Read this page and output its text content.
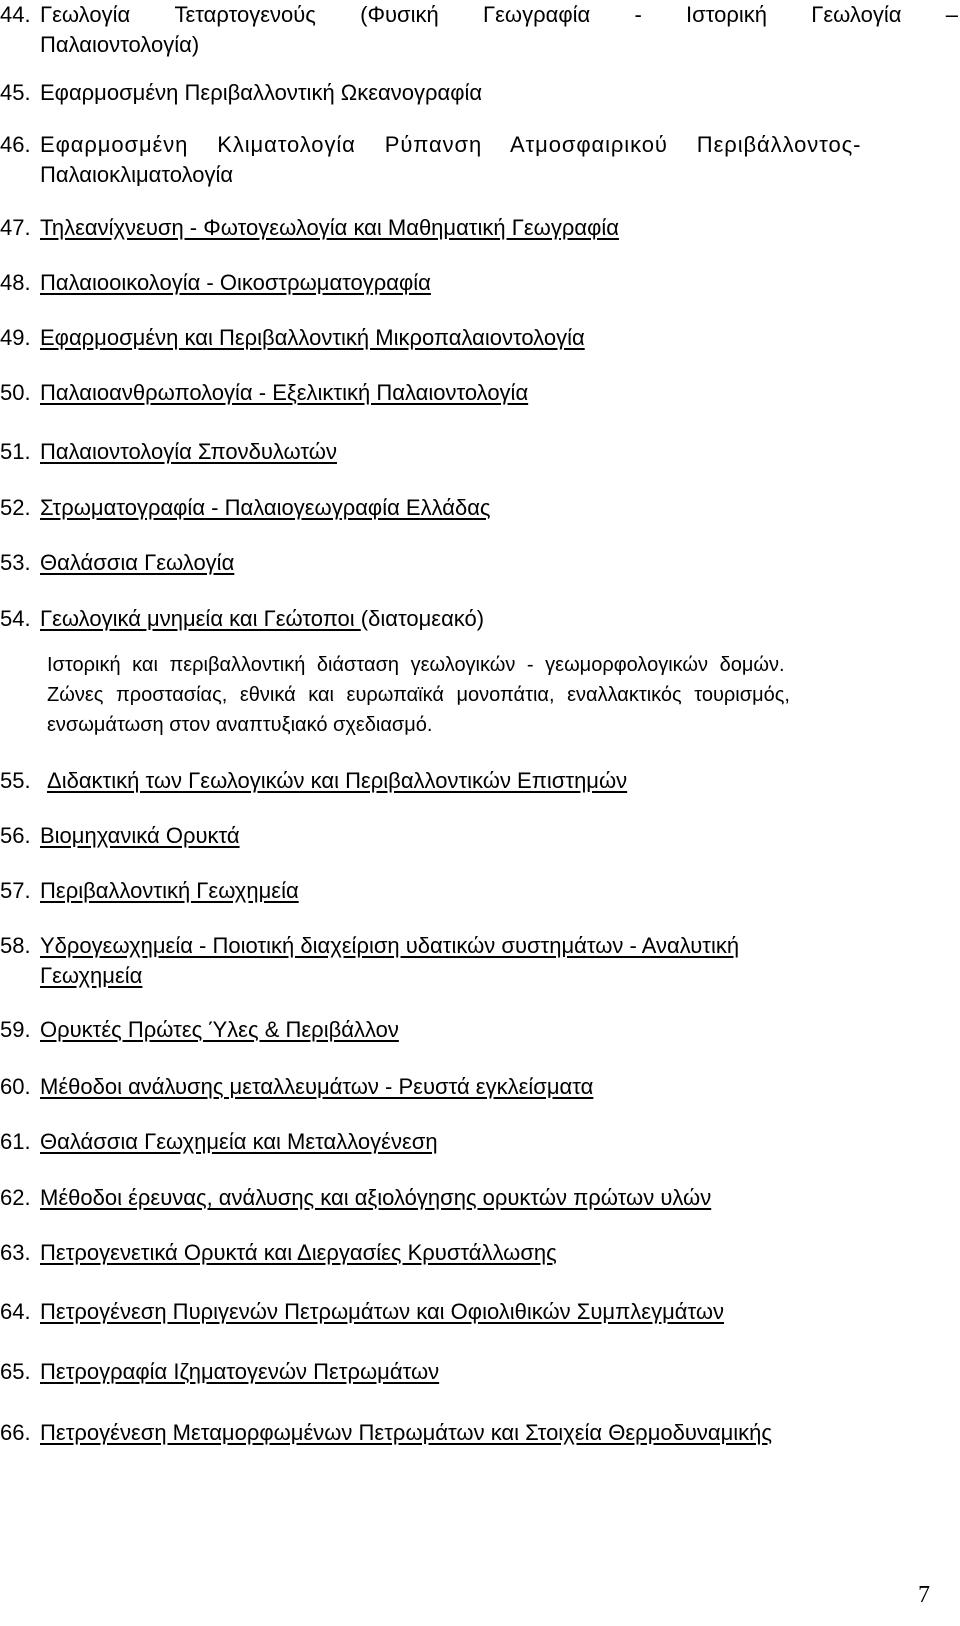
44. Γεωλογία Τεταρτογενούς (Φυσική Γεωγραφία - Ιστορική Γεωλογία –
Παλαιοντολογία)
45. Εφαρμοσμένη Περιβαλλοντική Ωκεανογραφία
46. Εφαρμοσμένη Κλιματολογία Ρύπανση Ατμοσφαιρικού Περιβάλλοντος-
Παλαιοκλιματολογία
47. Τηλεανίχνευση - Φωτογεωλογία και Μαθηματική Γεωγραφία
48. Παλαιοοικολογία - Οικοστρωματογραφία
49. Εφαρμοσμένη και Περιβαλλοντική Μικροπαλαιοντολογία
50. Παλαιοανθρωπολογία - Εξελικτική Παλαιοντολογία
51. Παλαιοντολογία Σπονδυλωτών
52. Στρωματογραφία - Παλαιογεωγραφία Ελλάδας
53. Θαλάσσια Γεωλογία
54. Γεωλογικά μνημεία και Γεώτοποι (διατομεακό)
Ιστορική και περιβαλλοντική διάσταση γεωλογικών - γεωμορφολογικών δομών.
Ζώνες προστασίας, εθνικά και ευρωπαϊκά μονοπάτια, εναλλακτικός τουρισμός,
ενσωμάτωση στον αναπτυξιακό σχεδιασμό.
55. Διδακτική των Γεωλογικών και Περιβαλλοντικών Επιστημών
56. Βιομηχανικά Ορυκτά
57. Περιβαλλοντική Γεωχημεία
58. Υδρογεωχημεία - Ποιοτική διαχείριση υδατικών συστημάτων - Αναλυτική
Γεωχημεία
59. Ορυκτές Πρώτες Ύλες & Περιβάλλον
60. Μέθοδοι ανάλυσης μεταλλευμάτων - Ρευστά εγκλείσματα
61. Θαλάσσια Γεωχημεία και Μεταλλογένεση
62. Μέθοδοι έρευνας, ανάλυσης και αξιολόγησης ορυκτών πρώτων υλών
63. Πετρογενετικά Ορυκτά και Διεργασίες Κρυστάλλωσης
64. Πετρογένεση Πυριγενών Πετρωμάτων και Οφιολιθικών Συμπλεγμάτων
65. Πετρογραφία Ιζηματογενών Πετρωμάτων
66. Πετρογένεση Μεταμορφωμένων Πετρωμάτων και Στοιχεία Θερμοδυναμικής
7
